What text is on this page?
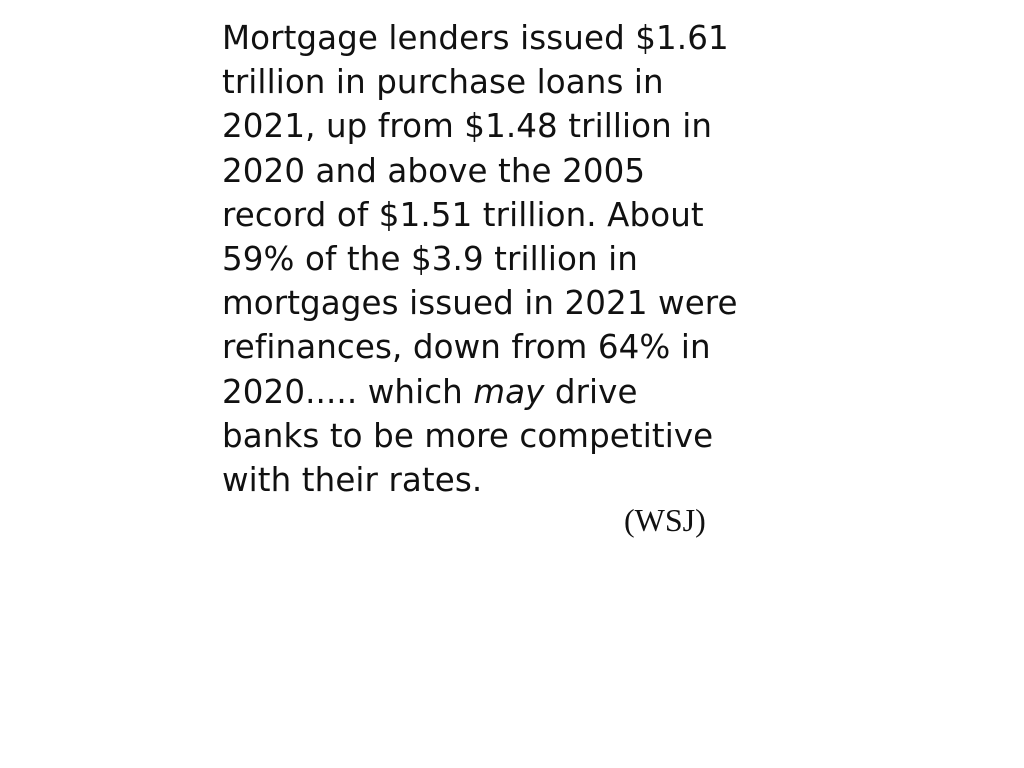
Mortgage lenders issued $1.61
trillion in purchase loans in
2021, up from $1.48 trillion in
2020 and above the 2005
record of $1.51 trillion. About
59% of the $3.9 trillion in
mortgages issued in 2021 were
refinances, down from 64% in
2020..... which may drive
banks to be more competitive
with their rates.
(WSJ)
